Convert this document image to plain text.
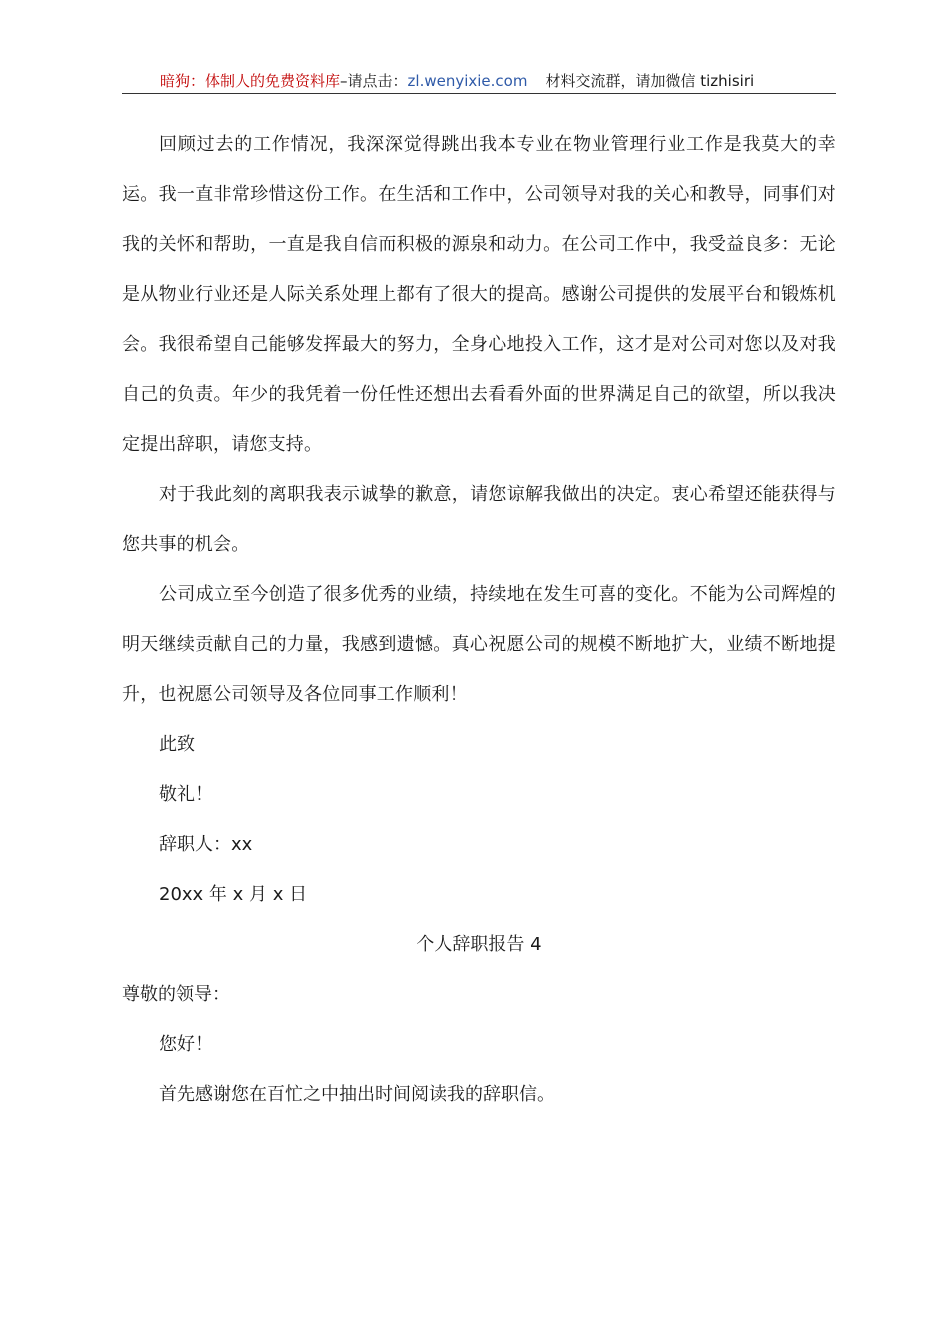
暗狗：体制人的免费资料库–请点击：zl.wenyixie.com 材料交流群，请加微信 tizhisiri

回顾过去的工作情况，我深深觉得跳出我本专业在物业管理行业工作是我莫大的幸运。我一直非常珍惜这份工作。在生活和工作中，公司领导对我的关心和教导，同事们对我的关怀和帮助，一直是我自信而积极的源泉和动力。在公司工作中，我受益良多：无论是从物业行业还是人际关系处理上都有了很大的提高。感谢公司提供的发展平台和锻炼机会。我很希望自己能够发挥最大的努力，全身心地投入工作，这才是对公司对您以及对我自己的负责。年少的我凭着一份任性还想出去看看外面的世界满足自己的欲望，所以我决定提出辞职，请您支持。

对于我此刻的离职我表示诚挚的歉意，请您谅解我做出的决定。衷心希望还能获得与您共事的机会。

公司成立至今创造了很多优秀的业绩，持续地在发生可喜的变化。不能为公司辉煌的明天继续贡献自己的力量，我感到遗憾。真心祝愿公司的规模不断地扩大，业绩不断地提升，也祝愿公司领导及各位同事工作顺利！

此致

敬礼！

辞职人：xx

20xx 年 x 月 x 日

个人辞职报告 4

尊敬的领导：

您好！

首先感谢您在百忙之中抽出时间阅读我的辞职信。
